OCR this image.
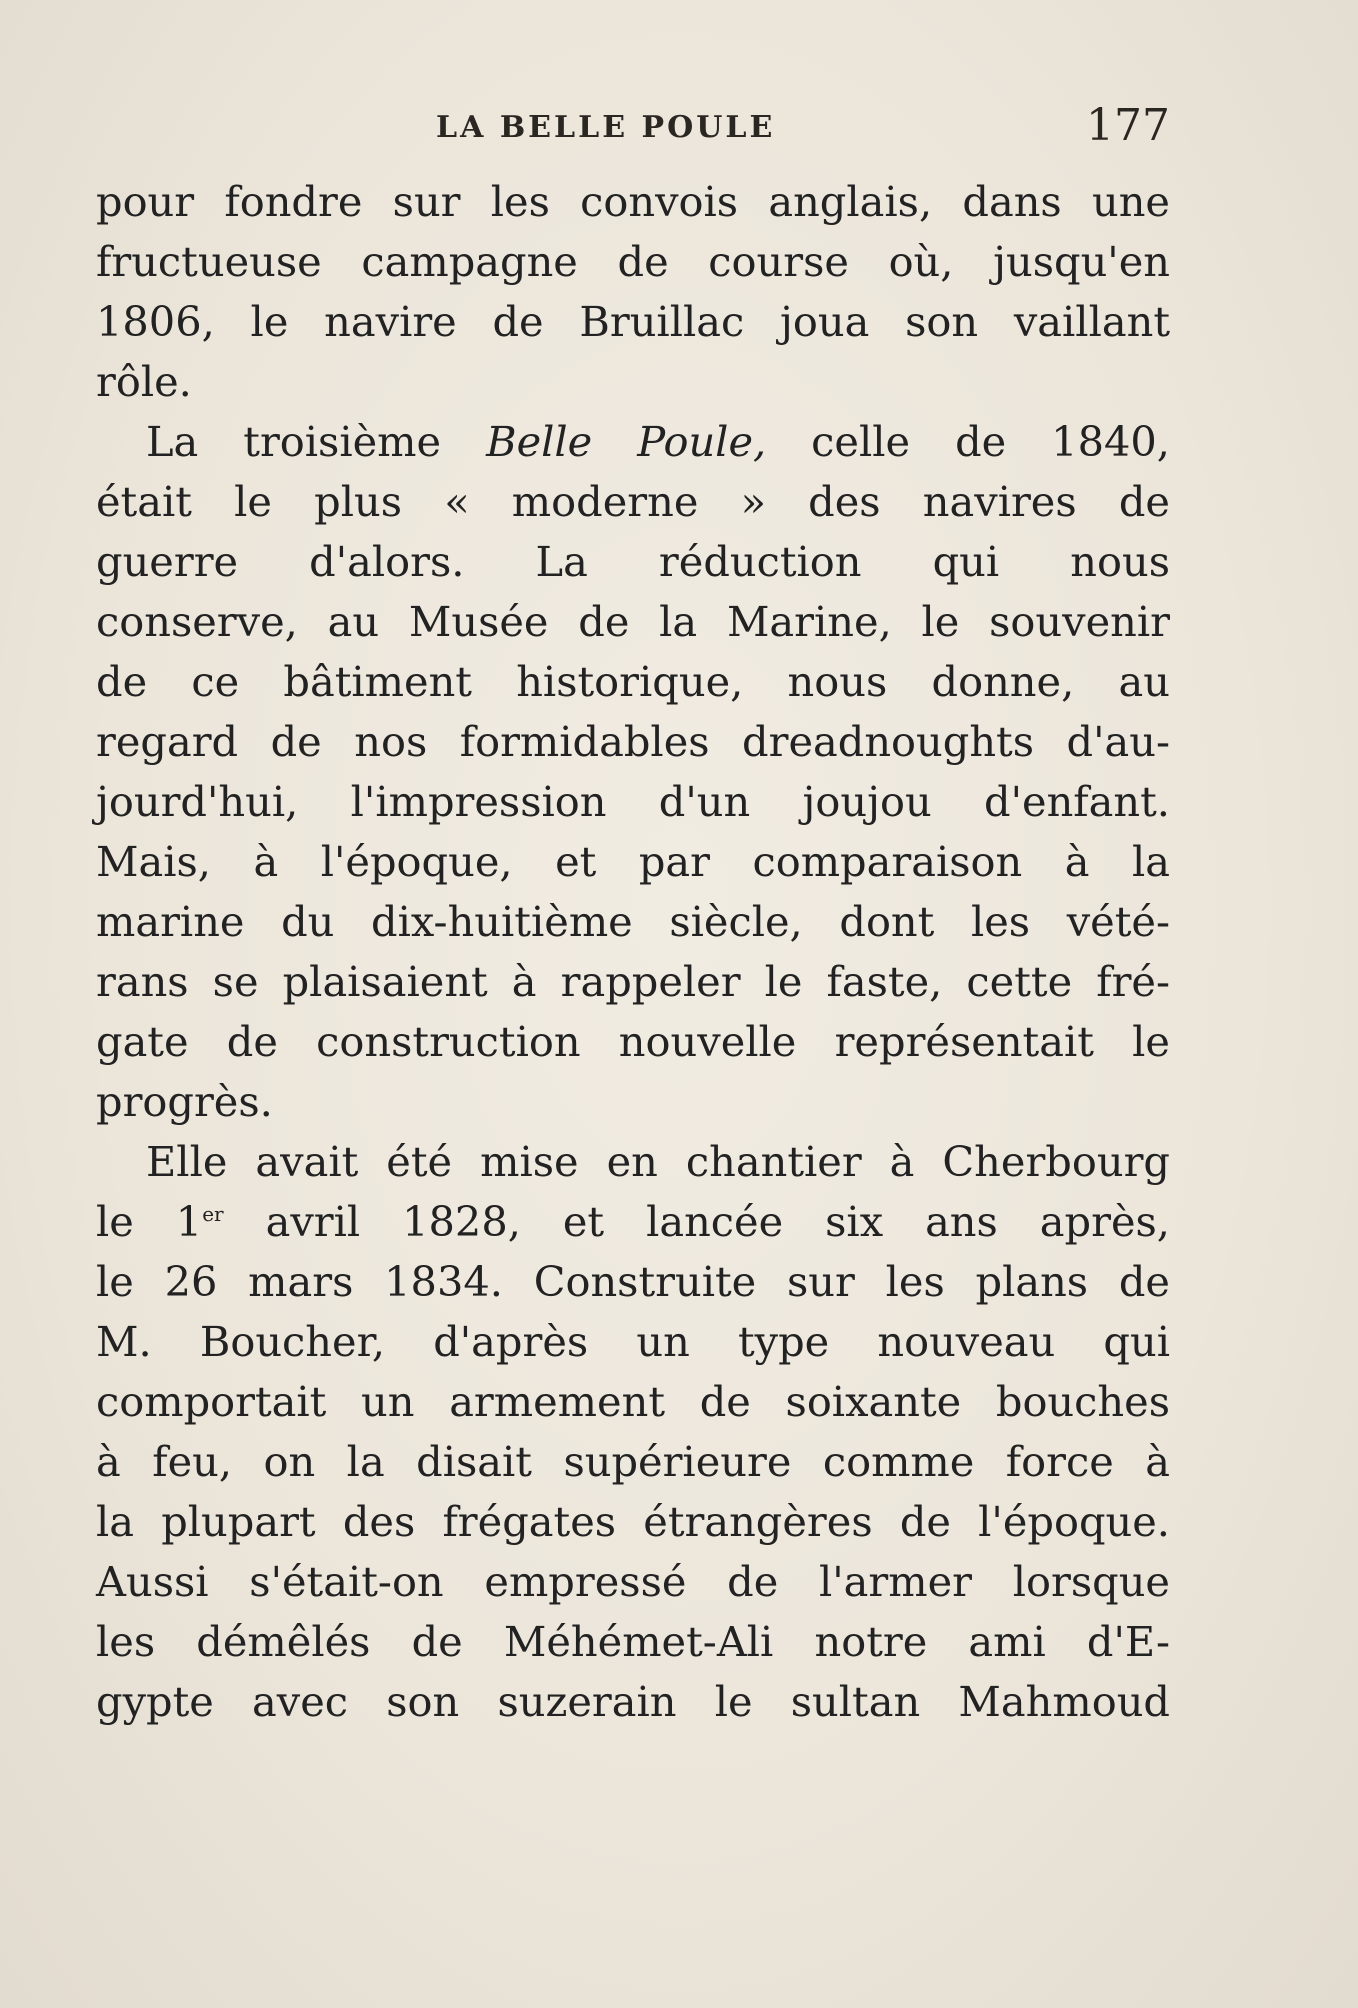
LA BELLE POULE	177
pour fondre sur les convois anglais, dans une
fructueuse campagne de course où, jusqu'en
1806, le navire de Bruillac joua son vaillant
rôle.
La troisième Belle Poule, celle de 1840,
était le plus « moderne » des navires de
guerre d'alors. La réduction qui nous
conserve, au Musée de la Marine, le souvenir
de ce bâtiment historique, nous donne, au
regard de nos formidables dreadnoughts d'au-
jourd'hui, l'impression d'un joujou d'enfant.
Mais, à l'époque, et par comparaison à la
marine du dix-huitième siècle, dont les vété-
rans se plaisaient à rappeler le faste, cette fré-
gate de construction nouvelle représentait le
progrès.
Elle avait été mise en chantier à Cherbourg
le 1er avril 1828, et lancée six ans après,
le 26 mars 1834. Construite sur les plans de
M. Boucher, d'après un type nouveau qui
comportait un armement de soixante bouches
à feu, on la disait supérieure comme force à
la plupart des frégates étrangères de l'époque.
Aussi s'était-on empressé de l'armer lorsque
les démêlés de Méhémet-Ali notre ami d'E-
gypte avec son suzerain le sultan Mahmoud
